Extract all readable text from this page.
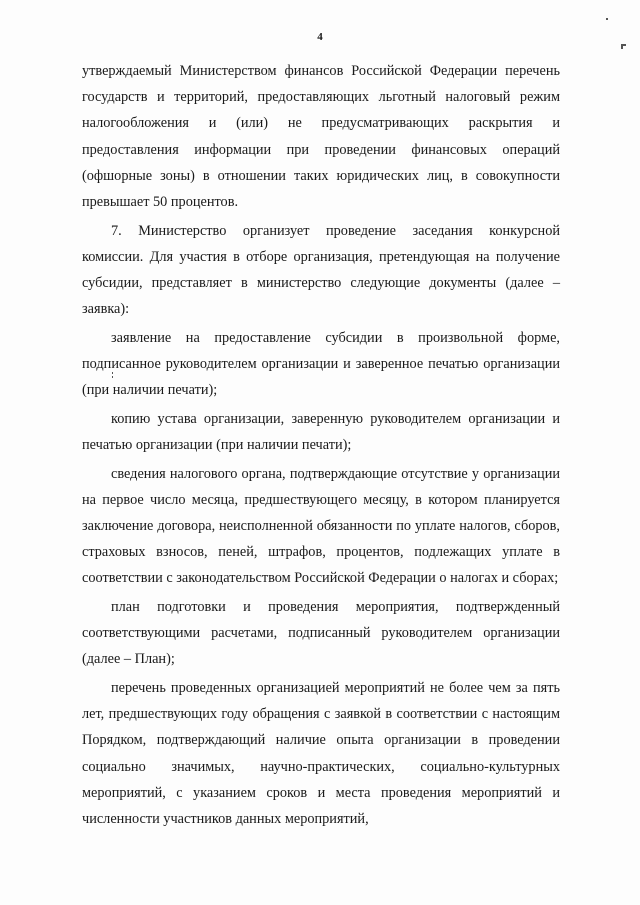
4

утверждаемый Министерством финансов Российской Федерации перечень государств и территорий, предоставляющих льготный налоговый режим налогообложения и (или) не предусматривающих раскрытия и предоставления информации при проведении финансовых операций (офшорные зоны) в отношении таких юридических лиц, в совокупности превышает 50 процентов.

7. Министерство организует проведение заседания конкурсной комиссии. Для участия в отборе организация, претендующая на получение субсидии, представляет в министерство следующие документы (далее – заявка):

заявление на предоставление субсидии в произвольной форме, подписанное руководителем организации и заверенное печатью организации (при наличии печати);

копию устава организации, заверенную руководителем организации и печатью организации (при наличии печати);

сведения налогового органа, подтверждающие отсутствие у организации на первое число месяца, предшествующего месяцу, в котором планируется заключение договора, неисполненной обязанности по уплате налогов, сборов, страховых взносов, пеней, штрафов, процентов, подлежащих уплате в соответствии с законодательством Российской Федерации о налогах и сборах;

план подготовки и проведения мероприятия, подтвержденный соответствующими расчетами, подписанный руководителем организации (далее – План);

перечень проведенных организацией мероприятий не более чем за пять лет, предшествующих году обращения с заявкой в соответствии с настоящим Порядком, подтверждающий наличие опыта организации в проведении социально значимых, научно-практических, социально-культурных мероприятий, с указанием сроков и места проведения мероприятий и численности участников данных мероприятий,
